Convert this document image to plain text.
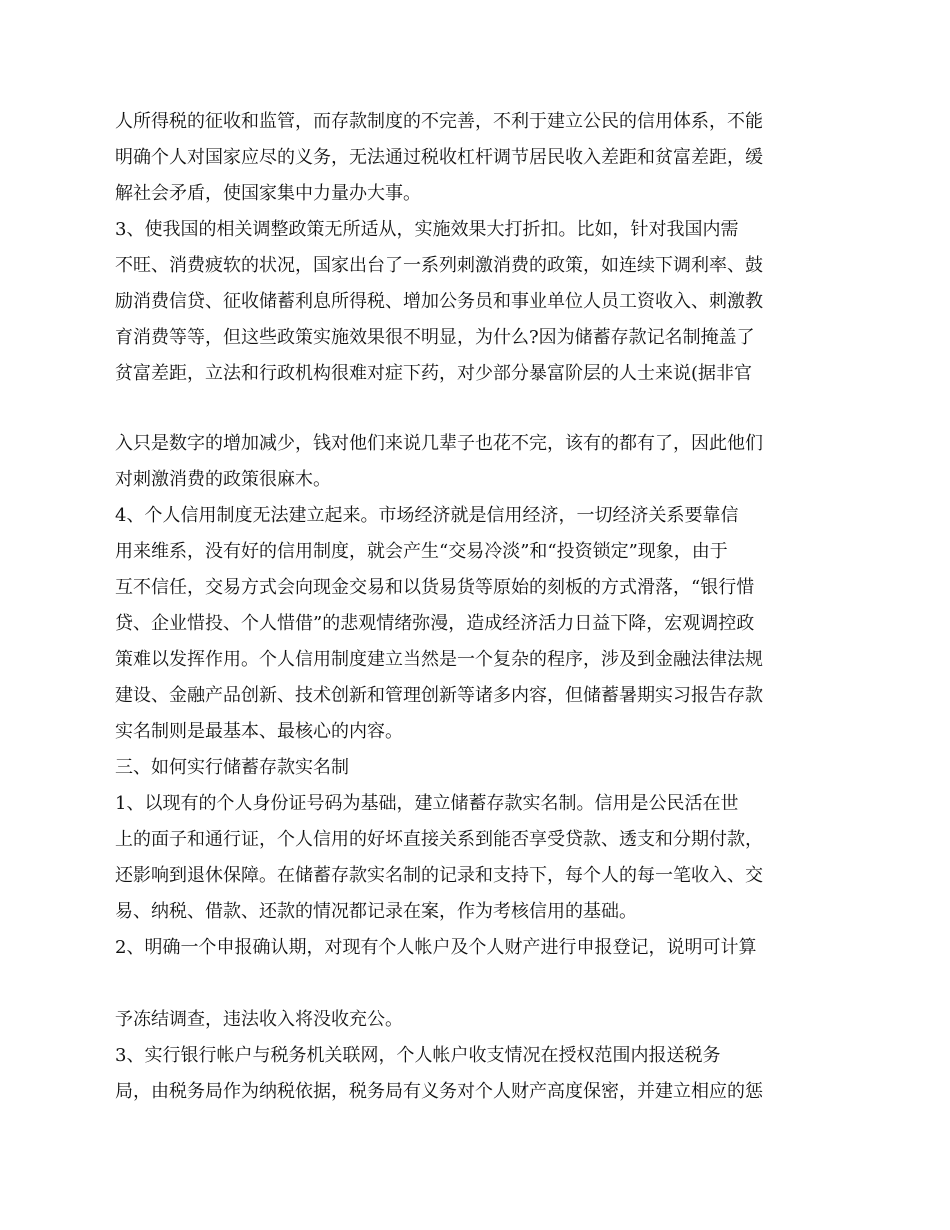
人所得税的征收和监管，而存款制度的不完善，不利于建立公民的信用体系，不能
明确个人对国家应尽的义务，无法通过税收杠杆调节居民收入差距和贫富差距，缓
解社会矛盾，使国家集中力量办大事。
3、使我国的相关调整政策无所适从，实施效果大打折扣。比如，针对我国内需
不旺、消费疲软的状况，国家出台了一系列刺激消费的政策，如连续下调利率、鼓
励消费信贷、征收储蓄利息所得税、增加公务员和事业单位人员工资收入、刺激教
育消费等等，但这些政策实施效果很不明显，为什么?因为储蓄存款记名制掩盖了
贫富差距，立法和行政机构很难对症下药，对少部分暴富阶层的人士来说(据非官
入只是数字的增加减少，钱对他们来说几辈子也花不完，该有的都有了，因此他们
对刺激消费的政策很麻木。
4、个人信用制度无法建立起来。市场经济就是信用经济，一切经济关系要靠信
用来维系，没有好的信用制度，就会产生“交易冷淡”和“投资锁定”现象，由于
互不信任，交易方式会向现金交易和以货易货等原始的刻板的方式滑落，“银行惜
贷、企业惜投、个人惜借”的悲观情绪弥漫，造成经济活力日益下降，宏观调控政
策难以发挥作用。个人信用制度建立当然是一个复杂的程序，涉及到金融法律法规
建设、金融产品创新、技术创新和管理创新等诸多内容，但储蓄暑期实习报告存款
实名制则是最基本、最核心的内容。
三、如何实行储蓄存款实名制
1、以现有的个人身份证号码为基础，建立储蓄存款实名制。信用是公民活在世
上的面子和通行证，个人信用的好坏直接关系到能否享受贷款、透支和分期付款，
还影响到退休保障。在储蓄存款实名制的记录和支持下，每个人的每一笔收入、交
易、纳税、借款、还款的情况都记录在案，作为考核信用的基础。
2、明确一个申报确认期，对现有个人帐户及个人财产进行申报登记，说明可计算
予冻结调查，违法收入将没收充公。
3、实行银行帐户与税务机关联网，个人帐户收支情况在授权范围内报送税务
局，由税务局作为纳税依据，税务局有义务对个人财产高度保密，并建立相应的惩
